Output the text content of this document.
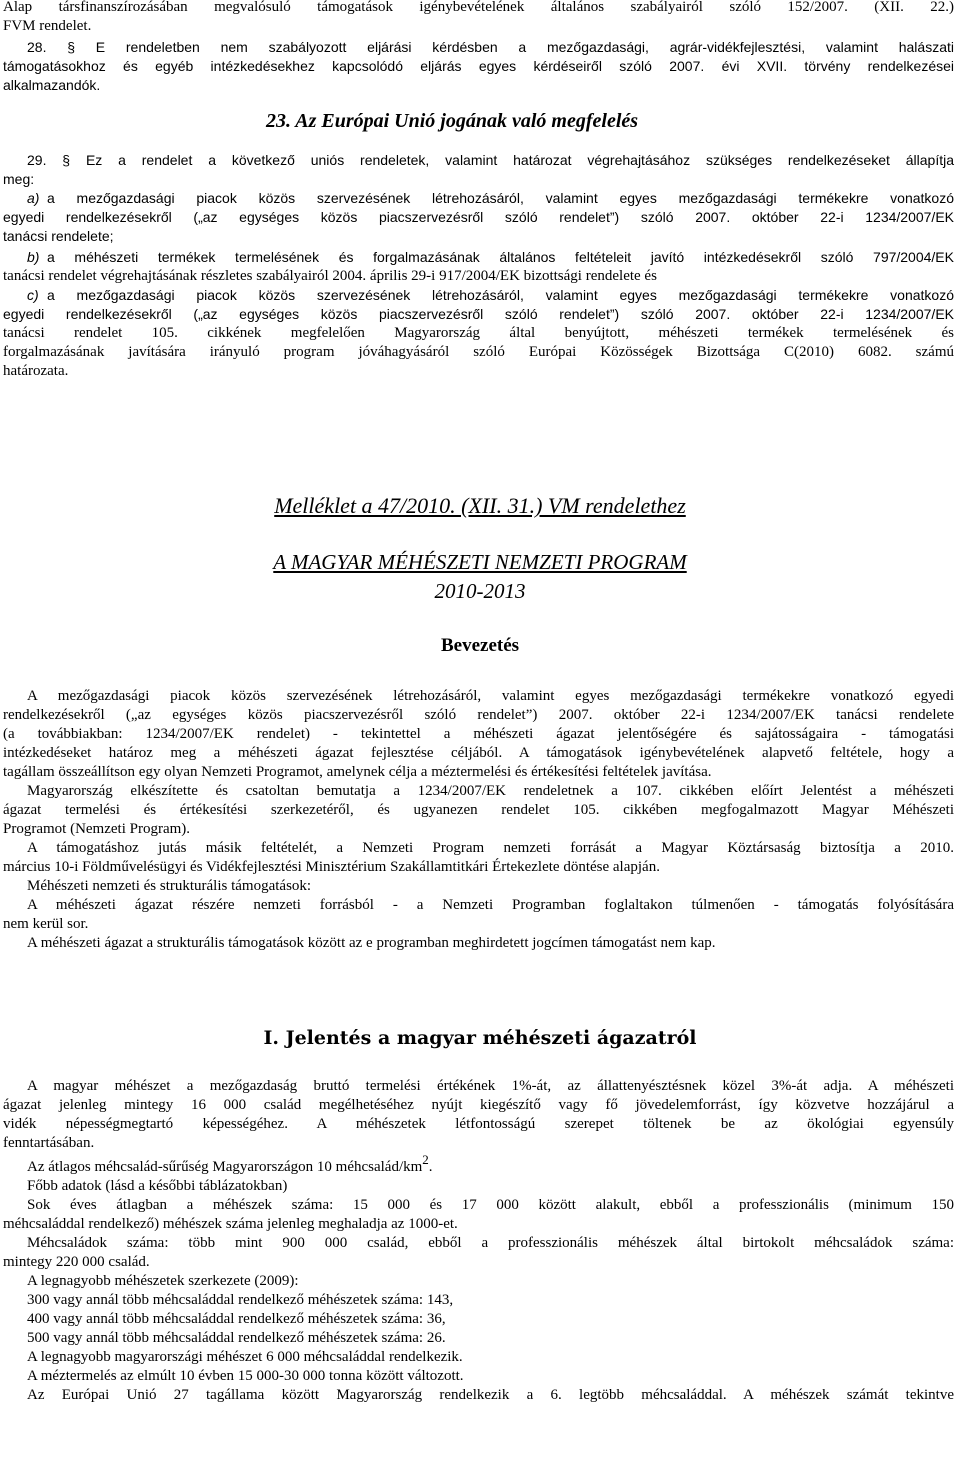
Alap társfinanszírozásában megvalósuló támogatások igénybevételének általános szabályairól szóló 152/2007. (XII. 22.)
FVM rendelet.
28. § E rendeletben nem szabályozott eljárási kérdésben a mezőgazdasági, agrár-vidékfejlesztési, valamint halászati
támogatásokhoz és egyéb intézkedésekhez kapcsolódó eljárás egyes kérdéseiről szóló 2007. évi XVII. törvény rendelkezései
alkalmazandók.
23. Az Európai Unió jogának való megfelelés
29. § Ez a rendelet a következő uniós rendeletek, valamint határozat végrehajtásához szükséges rendelkezéseket állapítja
meg:
a) a mezőgazdasági piacok közös szervezésének létrehozásáról, valamint egyes mezőgazdasági termékekre vonatkozó
egyedi rendelkezésekről („az egységes közös piacszervezésről szóló rendelet”) szóló 2007. október 22-i 1234/2007/EK
tanácsi rendelete;
b) a méhészeti termékek termelésének és forgalmazásának általános feltételeit javító intézkedésekről szóló 797/2004/EK
tanácsi rendelet végrehajtásának részletes szabályairól 2004. április 29-i 917/2004/EK bizottsági rendelete és
c) a mezőgazdasági piacok közös szervezésének létrehozásáról, valamint egyes mezőgazdasági termékekre vonatkozó
egyedi rendelkezésekről („az egységes közös piacszervezésről szóló rendelet”) szóló 2007. október 22-i 1234/2007/EK
tanácsi rendelet 105. cikkének megfelelően Magyarország által benyújtott, méhészeti termékek termelésének és
forgalmazásának javítására irányuló program jóváhagyásáról szóló Európai Közösségek Bizottsága C(2010) 6082. számú
határozata.
Melléklet a 47/2010. (XII. 31.) VM rendelethez
A MAGYAR MÉHÉSZETI NEMZETI PROGRAM
2010-2013
Bevezetés
A mezőgazdasági piacok közös szervezésének létrehozásáról, valamint egyes mezőgazdasági termékekre vonatkozó egyedi
rendelkezésekről („az egységes közös piacszervezésről szóló rendelet”) 2007. október 22-i 1234/2007/EK tanácsi rendelete
(a továbbiakban: 1234/2007/EK rendelet) - tekintettel a méhészeti ágazat jelentőségére és sajátosságaira - támogatási
intézkedéseket határoz meg a méhészeti ágazat fejlesztése céljából. A támogatások igénybevételének alapvető feltétele, hogy a
tagállam összeállítson egy olyan Nemzeti Programot, amelynek célja a méztermelési és értékesítési feltételek javítása.
Magyarország elkészítette és csatoltan bemutatja a 1234/2007/EK rendeletnek a 107. cikkében előírt Jelentést a méhészeti
ágazat termelési és értékesítési szerkezetéről, és ugyanezen rendelet 105. cikkében megfogalmazott Magyar Méhészeti
Programot (Nemzeti Program).
A támogatáshoz jutás másik feltételét, a Nemzeti Program nemzeti forrását a Magyar Köztársaság biztosítja a 2010.
március 10-i Földművelésügyi és Vidékfejlesztési Minisztérium Szakállamtitkári Értekezlete döntése alapján.
Méhészeti nemzeti és strukturális támogatások:
A méhészeti ágazat részére nemzeti forrásból - a Nemzeti Programban foglaltakon túlmenően - támogatás folyósítására
nem kerül sor.
A méhészeti ágazat a strukturális támogatások között az e programban meghirdetett jogcímen támogatást nem kap.
I. Jelentés a magyar méhészeti ágazatról
A magyar méhészet a mezőgazdaság bruttó termelési értékének 1%-át, az állattenyésztésnek közel 3%-át adja. A méhészeti
ágazat jelenleg mintegy 16 000 család megélhetéséhez nyújt kiegészítő vagy fő jövedelemforrást, így közvetve hozzájárul a
vidék népességmegtartó képességéhez. A méhészetek létfontosságú szerepet töltenek be az ökológiai egyensúly
fenntartásában.
Az átlagos méhcsalád-sűrűség Magyarországon 10 méhcsalád/km2.
Főbb adatok (lásd a későbbi táblázatokban)
Sok éves átlagban a méhészek száma: 15 000 és 17 000 között alakult, ebből a professzionális (minimum 150
méhcsaláddal rendelkező) méhészek száma jelenleg meghaladja az 1000-et.
Méhcsaládok száma: több mint 900 000 család, ebből a professzionális méhészek által birtokolt méhcsaládok száma:
mintegy 220 000 család.
A legnagyobb méhészetek szerkezete (2009):
300 vagy annál több méhcsaláddal rendelkező méhészetek száma: 143,
400 vagy annál több méhcsaláddal rendelkező méhészetek száma: 36,
500 vagy annál több méhcsaláddal rendelkező méhészetek száma: 26.
A legnagyobb magyarországi méhészet 6 000 méhcsaláddal rendelkezik.
A méztermelés az elmúlt 10 évben 15 000-30 000 tonna között változott.
Az Európai Unió 27 tagállama között Magyarország rendelkezik a 6. legtöbb méhcsaláddal. A méhészek számát tekintve
